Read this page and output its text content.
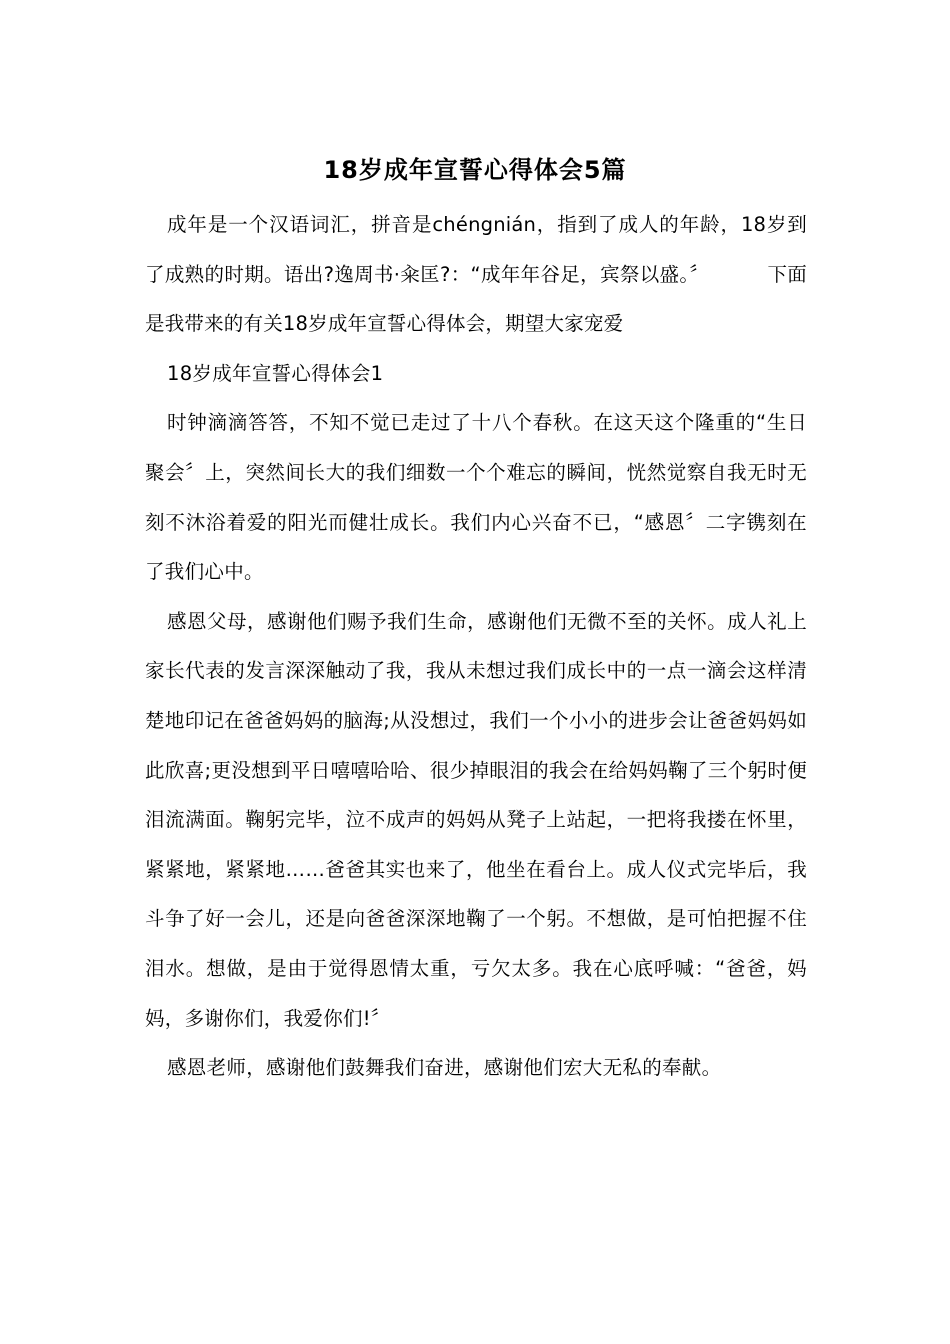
18岁成年宣誓心得体会5篇

成年是一个汉语词汇，拼音是chéngnián，指到了成人的年龄，18岁到了成熟的时期。语出?逸周书·籴匡?：“成年年谷足，宾祭以盛。〞	下面是我带来的有关18岁成年宣誓心得体会，期望大家宠爱

18岁成年宣誓心得体会1

时钟滴滴答答，不知不觉已走过了十八个春秋。在这天这个隆重的“生日聚会〞上，突然间长大的我们细数一个个难忘的瞬间，恍然觉察自我无时无刻不沐浴着爱的阳光而健壮成长。我们内心兴奋不已，“感恩〞二字镌刻在了我们心中。

感恩父母，感谢他们赐予我们生命，感谢他们无微不至的关怀。成人礼上家长代表的发言深深触动了我，我从未想过我们成长中的一点一滴会这样清楚地印记在爸爸妈妈的脑海;从没想过，我们一个小小的进步会让爸爸妈妈如此欣喜;更没想到平日嘻嘻哈哈、很少掉眼泪的我会在给妈妈鞠了三个躬时便泪流满面。鞠躬完毕，泣不成声的妈妈从凳子上站起，一把将我搂在怀里，紧紧地，紧紧地……爸爸其实也来了，他坐在看台上。成人仪式完毕后，我斗争了好一会儿，还是向爸爸深深地鞠了一个躬。不想做，是可怕把握不住泪水。想做，是由于觉得恩情太重，亏欠太多。我在心底呼喊：“爸爸，妈妈，多谢你们，我爱你们!〞

感恩老师，感谢他们鼓舞我们奋进，感谢他们宏大无私的奉献。
